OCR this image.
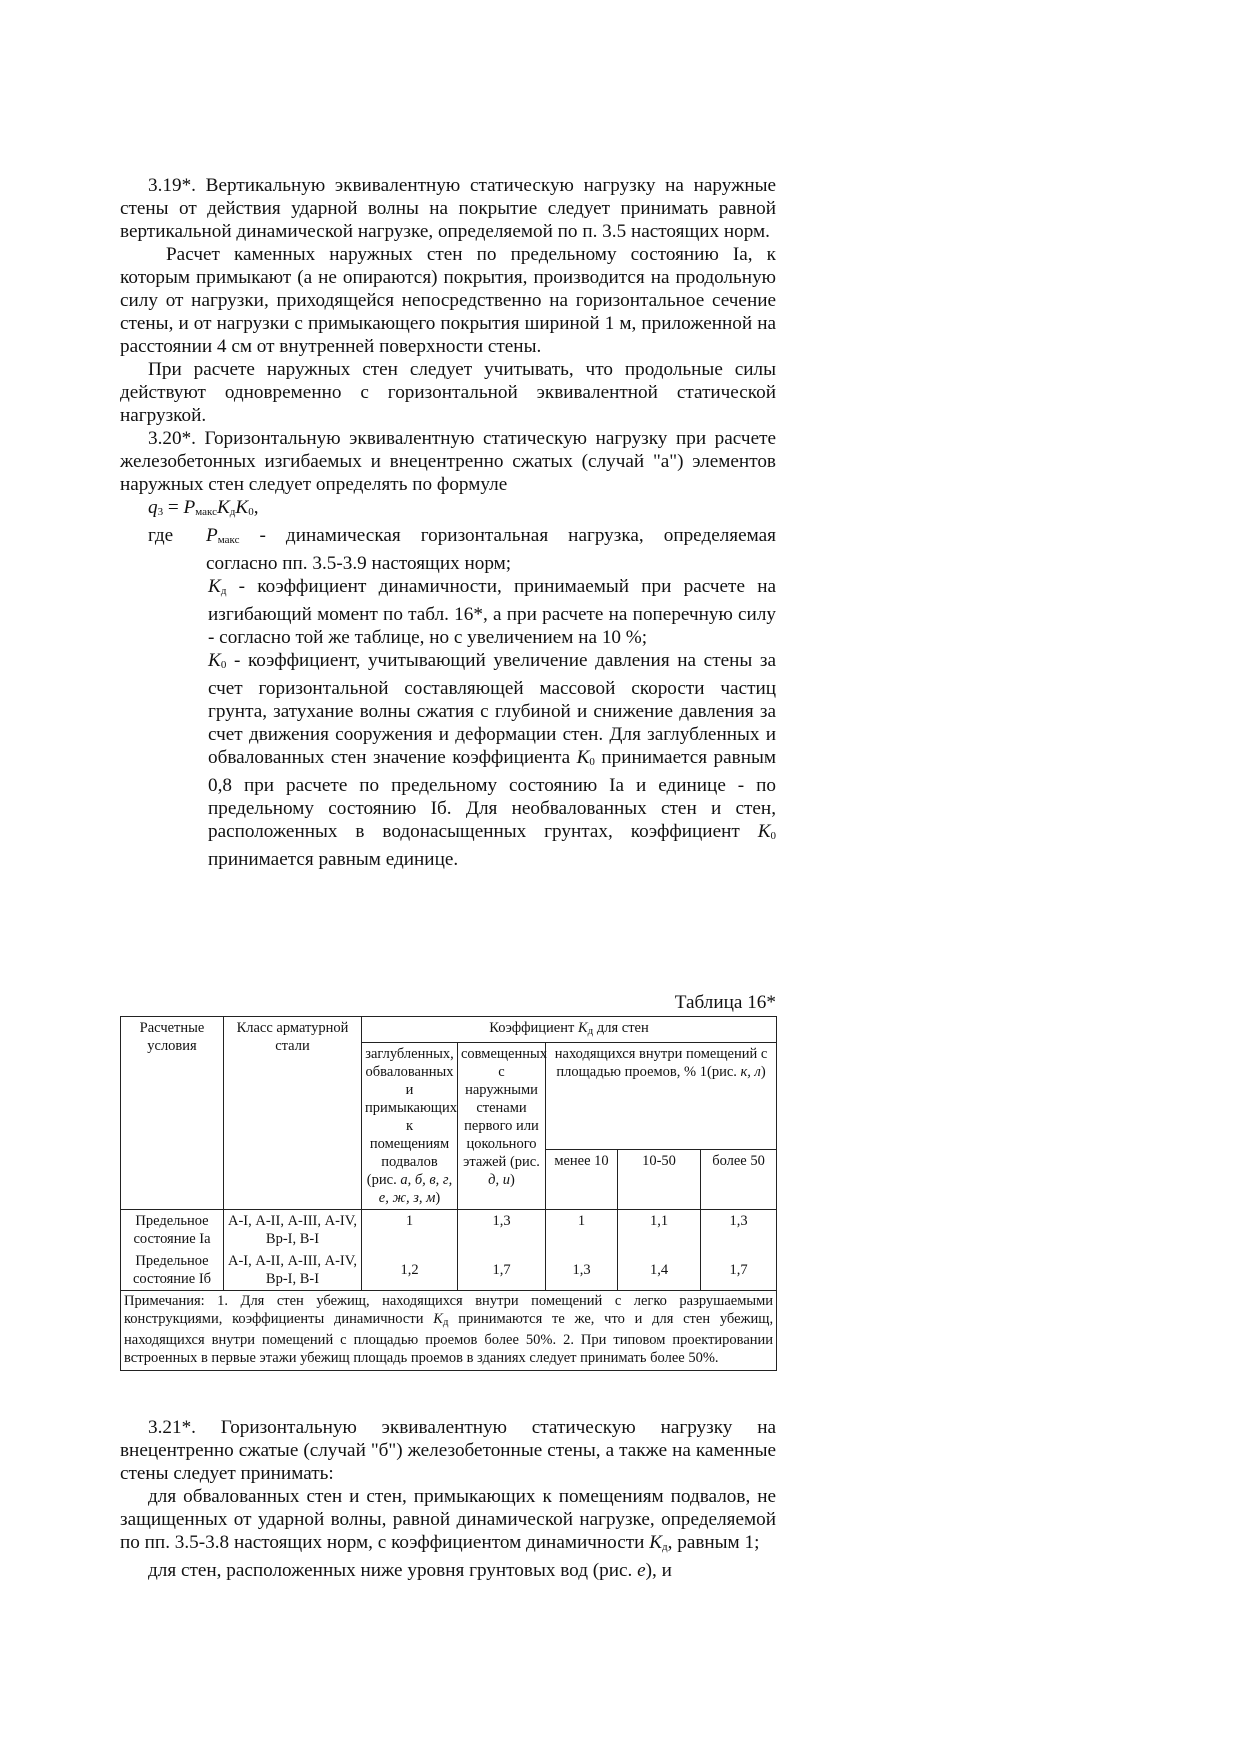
3.19*. Вертикальную эквивалентную статическую нагрузку на наружные стены от действия ударной волны на покрытие следует принимать равной вертикальной динамической нагрузке, определяемой по п. 3.5 настоящих норм.

Расчет каменных наружных стен по предельному состоянию Iа, к которым примыкают (а не опираются) покрытия, производится на продольную силу от нагрузки, приходящейся непосредственно на горизонтальное сечение стены, и от нагрузки с примыкающего покрытия шириной 1 м, приложенной на расстоянии 4 см от внутренней поверхности стены.

При расчете наружных стен следует учитывать, что продольные силы действуют одновременно с горизонтальной эквивалентной статической нагрузкой.

3.20*. Горизонтальную эквивалентную статическую нагрузку при расчете железобетонных изгибаемых и внецентренно сжатых (случай "а") элементов наружных стен следует определять по формуле

$q_3 = P_{макс}K_дK_0$,

где $P_{макс}$ - динамическая горизонтальная нагрузка, определяемая согласно пп. 3.5-3.9 настоящих норм;
$K_д$ - коэффициент динамичности, принимаемый при расчете на изгибающий момент по табл. 16*, а при расчете на поперечную силу - согласно той же таблице, но с увеличением на 10 %;
$K_0$ - коэффициент, учитывающий увеличение давления на стены за счет горизонтальной составляющей массовой скорости частиц грунта, затухание волны сжатия с глубиной и снижение давления за счет движения сооружения и деформации стен. Для заглубленных и обвалованных стен значение коэффициента $K_0$ принимается равным 0,8 при расчете по предельному состоянию Iа и единице - по предельному состоянию Iб. Для необвалованных стен и стен, расположенных в водонасыщенных грунтах, коэффициент $K_0$ принимается равным единице.
Таблица 16*
Расчетные условия	Класс арматурной стали	Коэффициент $K_д$ для стен				
		заглубленных, обвалованных и примыкающих к помещениям подвалов (рис. а, б, в, г, е, ж, з, м)	совмещенных с наружными стенами первого или цокольного этажей (рис. д, и)	находящихся внутри помещений с площадью проемов, % 1(рис. к, л)		
				менее 10	10-50	более 50
Предельное состояние Iа	А-I, А-II, А-III, А-IV, Вр-I, В-I	1	1,3	1	1,1	1,3
Предельное состояние Iб	А-I, А-II, А-III, А-IV, Вр-I, В-I	1,2	1,7	1,3	1,4	1,7
Примечания: 1. Для стен убежищ, находящихся внутри помещений с легко разрушаемыми конструкциями, коэффициенты динамичности $K_д$ принимаются те же, что и для стен убежищ, находящихся внутри помещений с площадью проемов более 50%. 2. При типовом проектировании встроенных в первые этажи убежищ площадь проемов в зданиях следует принимать более 50%.						

3.21*. Горизонтальную эквивалентную статическую нагрузку на внецентренно сжатые (случай "б") железобетонные стены, а также на каменные стены следует принимать:

для обвалованных стен и стен, примыкающих к помещениям подвалов, не защищенных от ударной волны, равной динамической нагрузке, определяемой по пп. 3.5-3.8 настоящих норм, с коэффициентом динамичности $K_д$, равным 1;

для стен, расположенных ниже уровня грунтовых вод (рис. е), и
